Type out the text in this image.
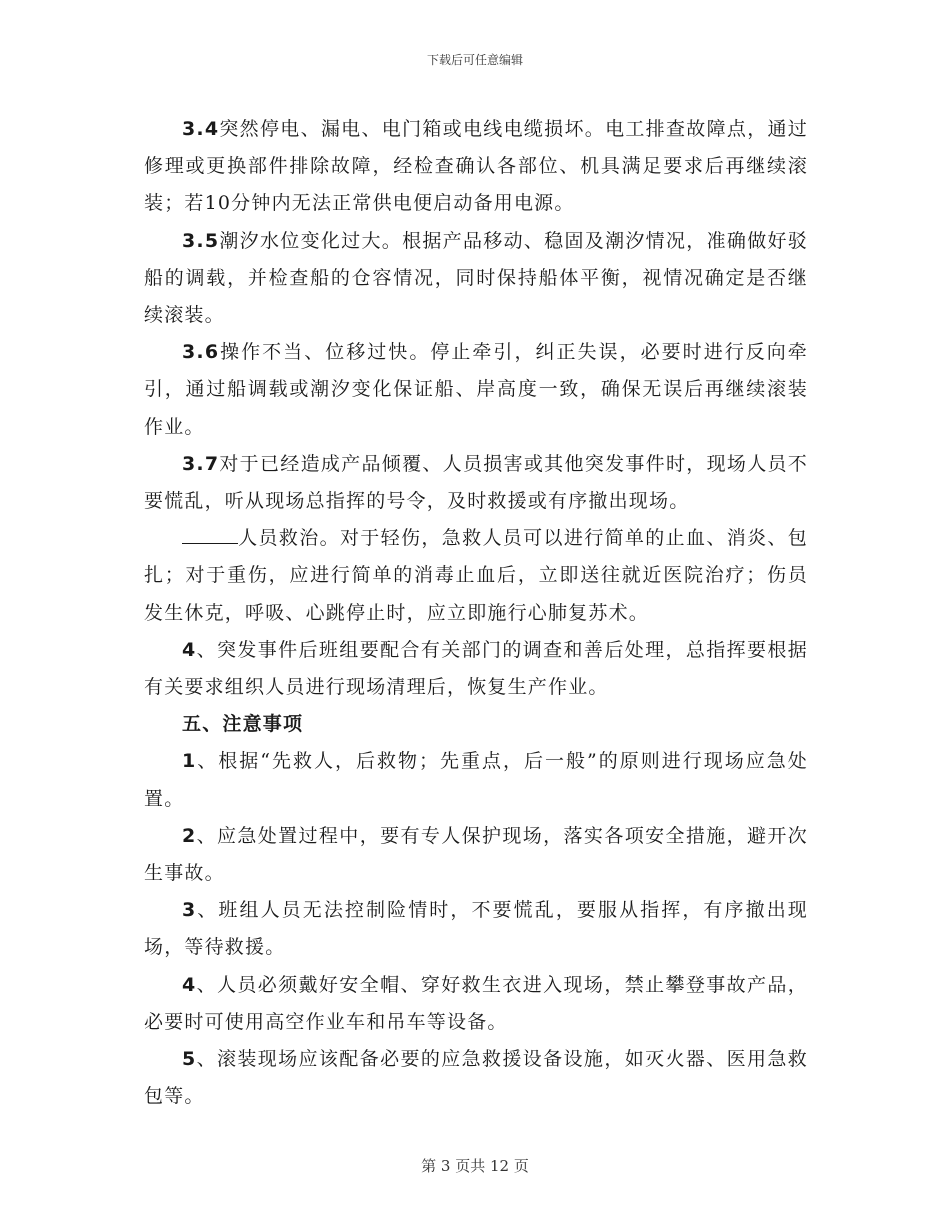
下载后可任意编辑

3.4突然停电、漏电、电门箱或电线电缆损坏。电工排查故障点，通过修理或更换部件排除故障，经检查确认各部位、机具满足要求后再继续滚装；若10分钟内无法正常供电便启动备用电源。

3.5潮汐水位变化过大。根据产品移动、稳固及潮汐情况，准确做好驳船的调载，并检查船的仓容情况，同时保持船体平衡，视情况确定是否继续滚装。

3.6操作不当、位移过快。停止牵引，纠正失误，必要时进行反向牵引，通过船调载或潮汐变化保证船、岸高度一致，确保无误后再继续滚装作业。

3.7对于已经造成产品倾覆、人员损害或其他突发事件时，现场人员不要慌乱，听从现场总指挥的号令，及时救援或有序撤出现场。

人员救治。对于轻伤，急救人员可以进行简单的止血、消炎、包扎；对于重伤，应进行简单的消毒止血后，立即送往就近医院治疗；伤员发生休克，呼吸、心跳停止时，应立即施行心肺复苏术。

4、突发事件后班组要配合有关部门的调查和善后处理，总指挥要根据有关要求组织人员进行现场清理后，恢复生产作业。

五、注意事项

1、根据“先救人，后救物；先重点，后一般”的原则进行现场应急处置。

2、应急处置过程中，要有专人保护现场，落实各项安全措施，避开次生事故。

3、班组人员无法控制险情时，不要慌乱，要服从指挥，有序撤出现场，等待救援。

4、人员必须戴好安全帽、穿好救生衣进入现场，禁止攀登事故产品，必要时可使用高空作业车和吊车等设备。

5、滚装现场应该配备必要的应急救援设备设施，如灭火器、医用急救包等。

第 3 页共 12 页
